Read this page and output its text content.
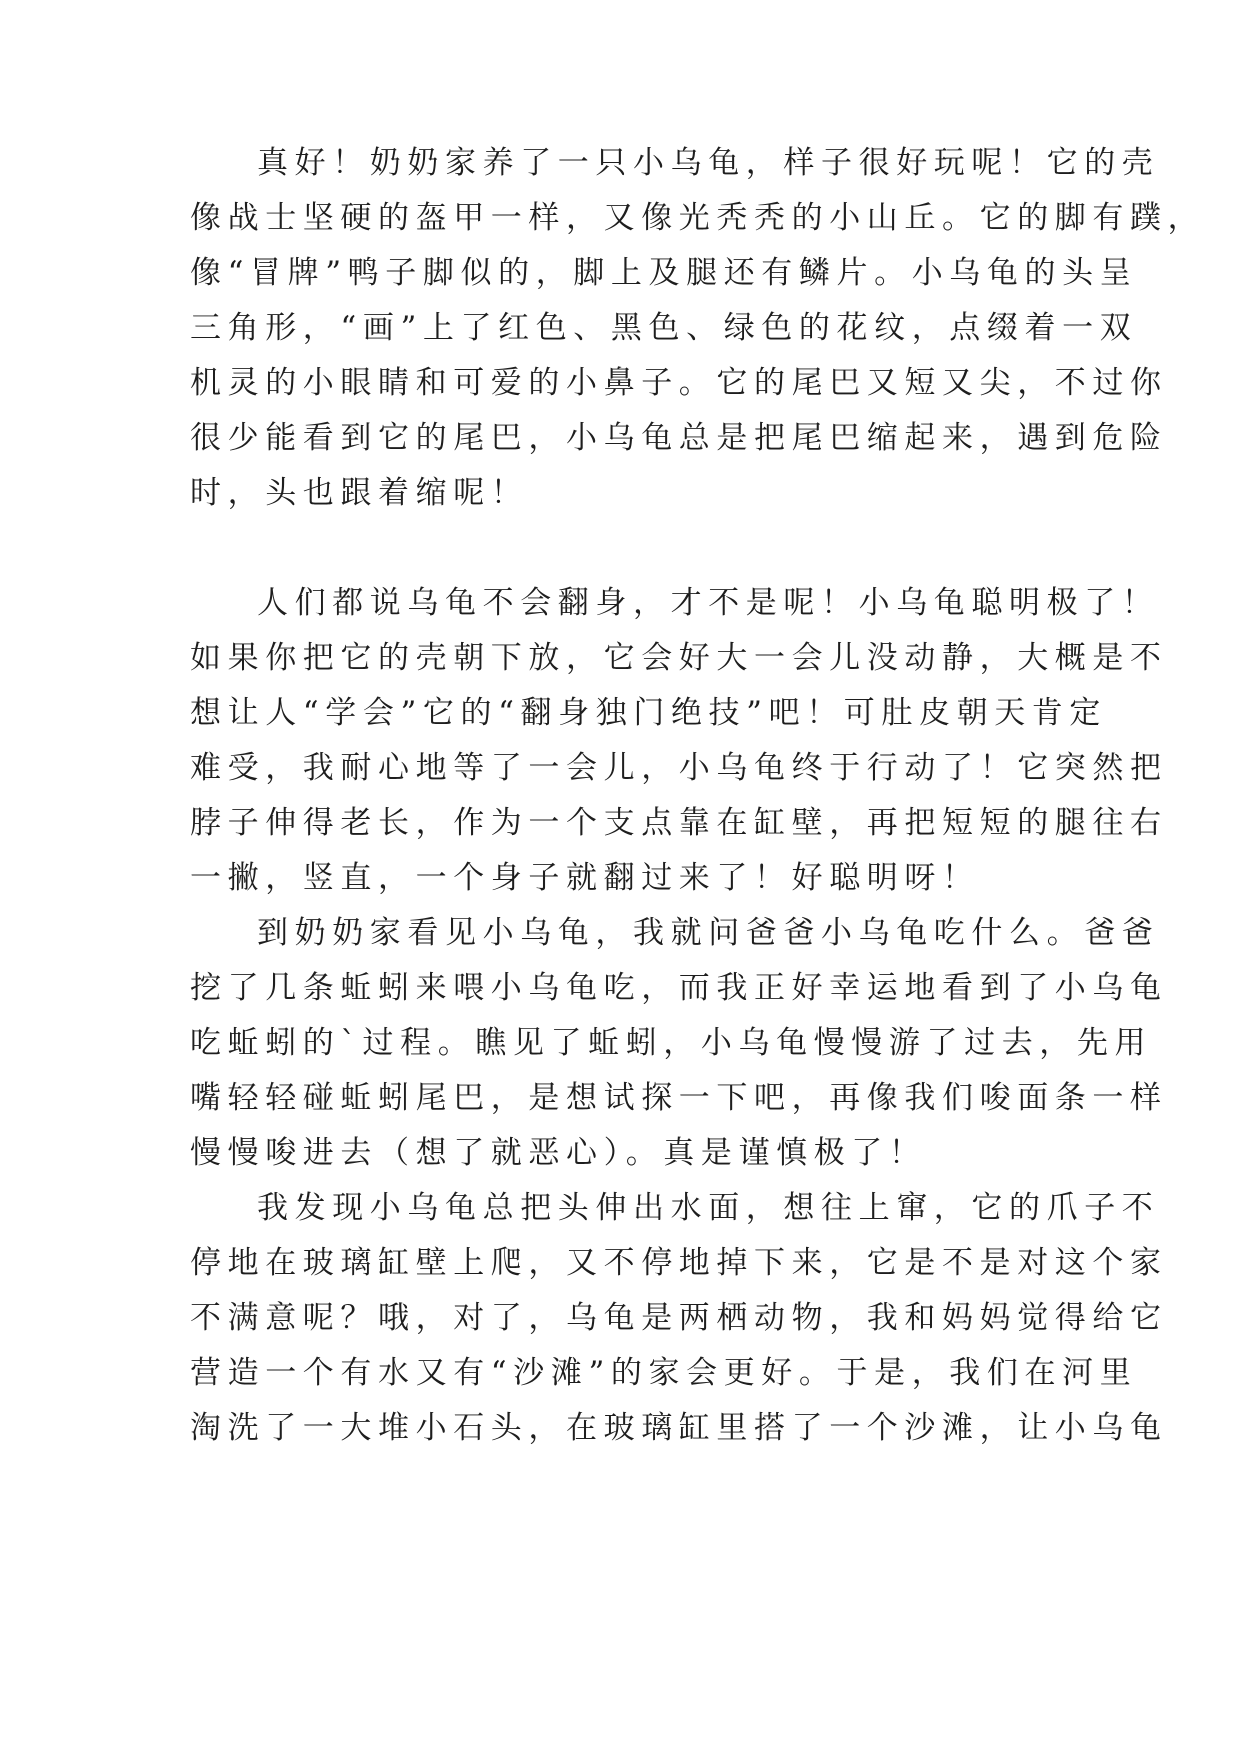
真好！奶奶家养了一只小乌龟，样子很好玩呢！它的壳

像战士坚硬的盔甲一样，又像光秃秃的小山丘。它的脚有蹼，

像“冒牌”鸭子脚似的，脚上及腿还有鳞片。小乌龟的头呈

三角形，“画”上了红色、黑色、绿色的花纹，点缀着一双

机灵的小眼睛和可爱的小鼻子。它的尾巴又短又尖，不过你

很少能看到它的尾巴，小乌龟总是把尾巴缩起来，遇到危险

时，头也跟着缩呢！

人们都说乌龟不会翻身，才不是呢！小乌龟聪明极了！

如果你把它的壳朝下放，它会好大一会儿没动静，大概是不

想让人“学会”它的“翻身独门绝技”吧！可肚皮朝天肯定

难受，我耐心地等了一会儿，小乌龟终于行动了！它突然把

脖子伸得老长，作为一个支点靠在缸壁，再把短短的腿往右

一撇，竖直，一个身子就翻过来了！好聪明呀！

到奶奶家看见小乌龟，我就问爸爸小乌龟吃什么。爸爸

挖了几条蚯蚓来喂小乌龟吃，而我正好幸运地看到了小乌龟

吃蚯蚓的`过程。瞧见了蚯蚓，小乌龟慢慢游了过去，先用

嘴轻轻碰蚯蚓尾巴，是想试探一下吧，再像我们唆面条一样

慢慢唆进去（想了就恶心）。真是谨慎极了！

我发现小乌龟总把头伸出水面，想往上窜，它的爪子不

停地在玻璃缸壁上爬，又不停地掉下来，它是不是对这个家

不满意呢？哦，对了，乌龟是两栖动物，我和妈妈觉得给它

营造一个有水又有“沙滩”的家会更好。于是，我们在河里

淘洗了一大堆小石头，在玻璃缸里搭了一个沙滩，让小乌龟
